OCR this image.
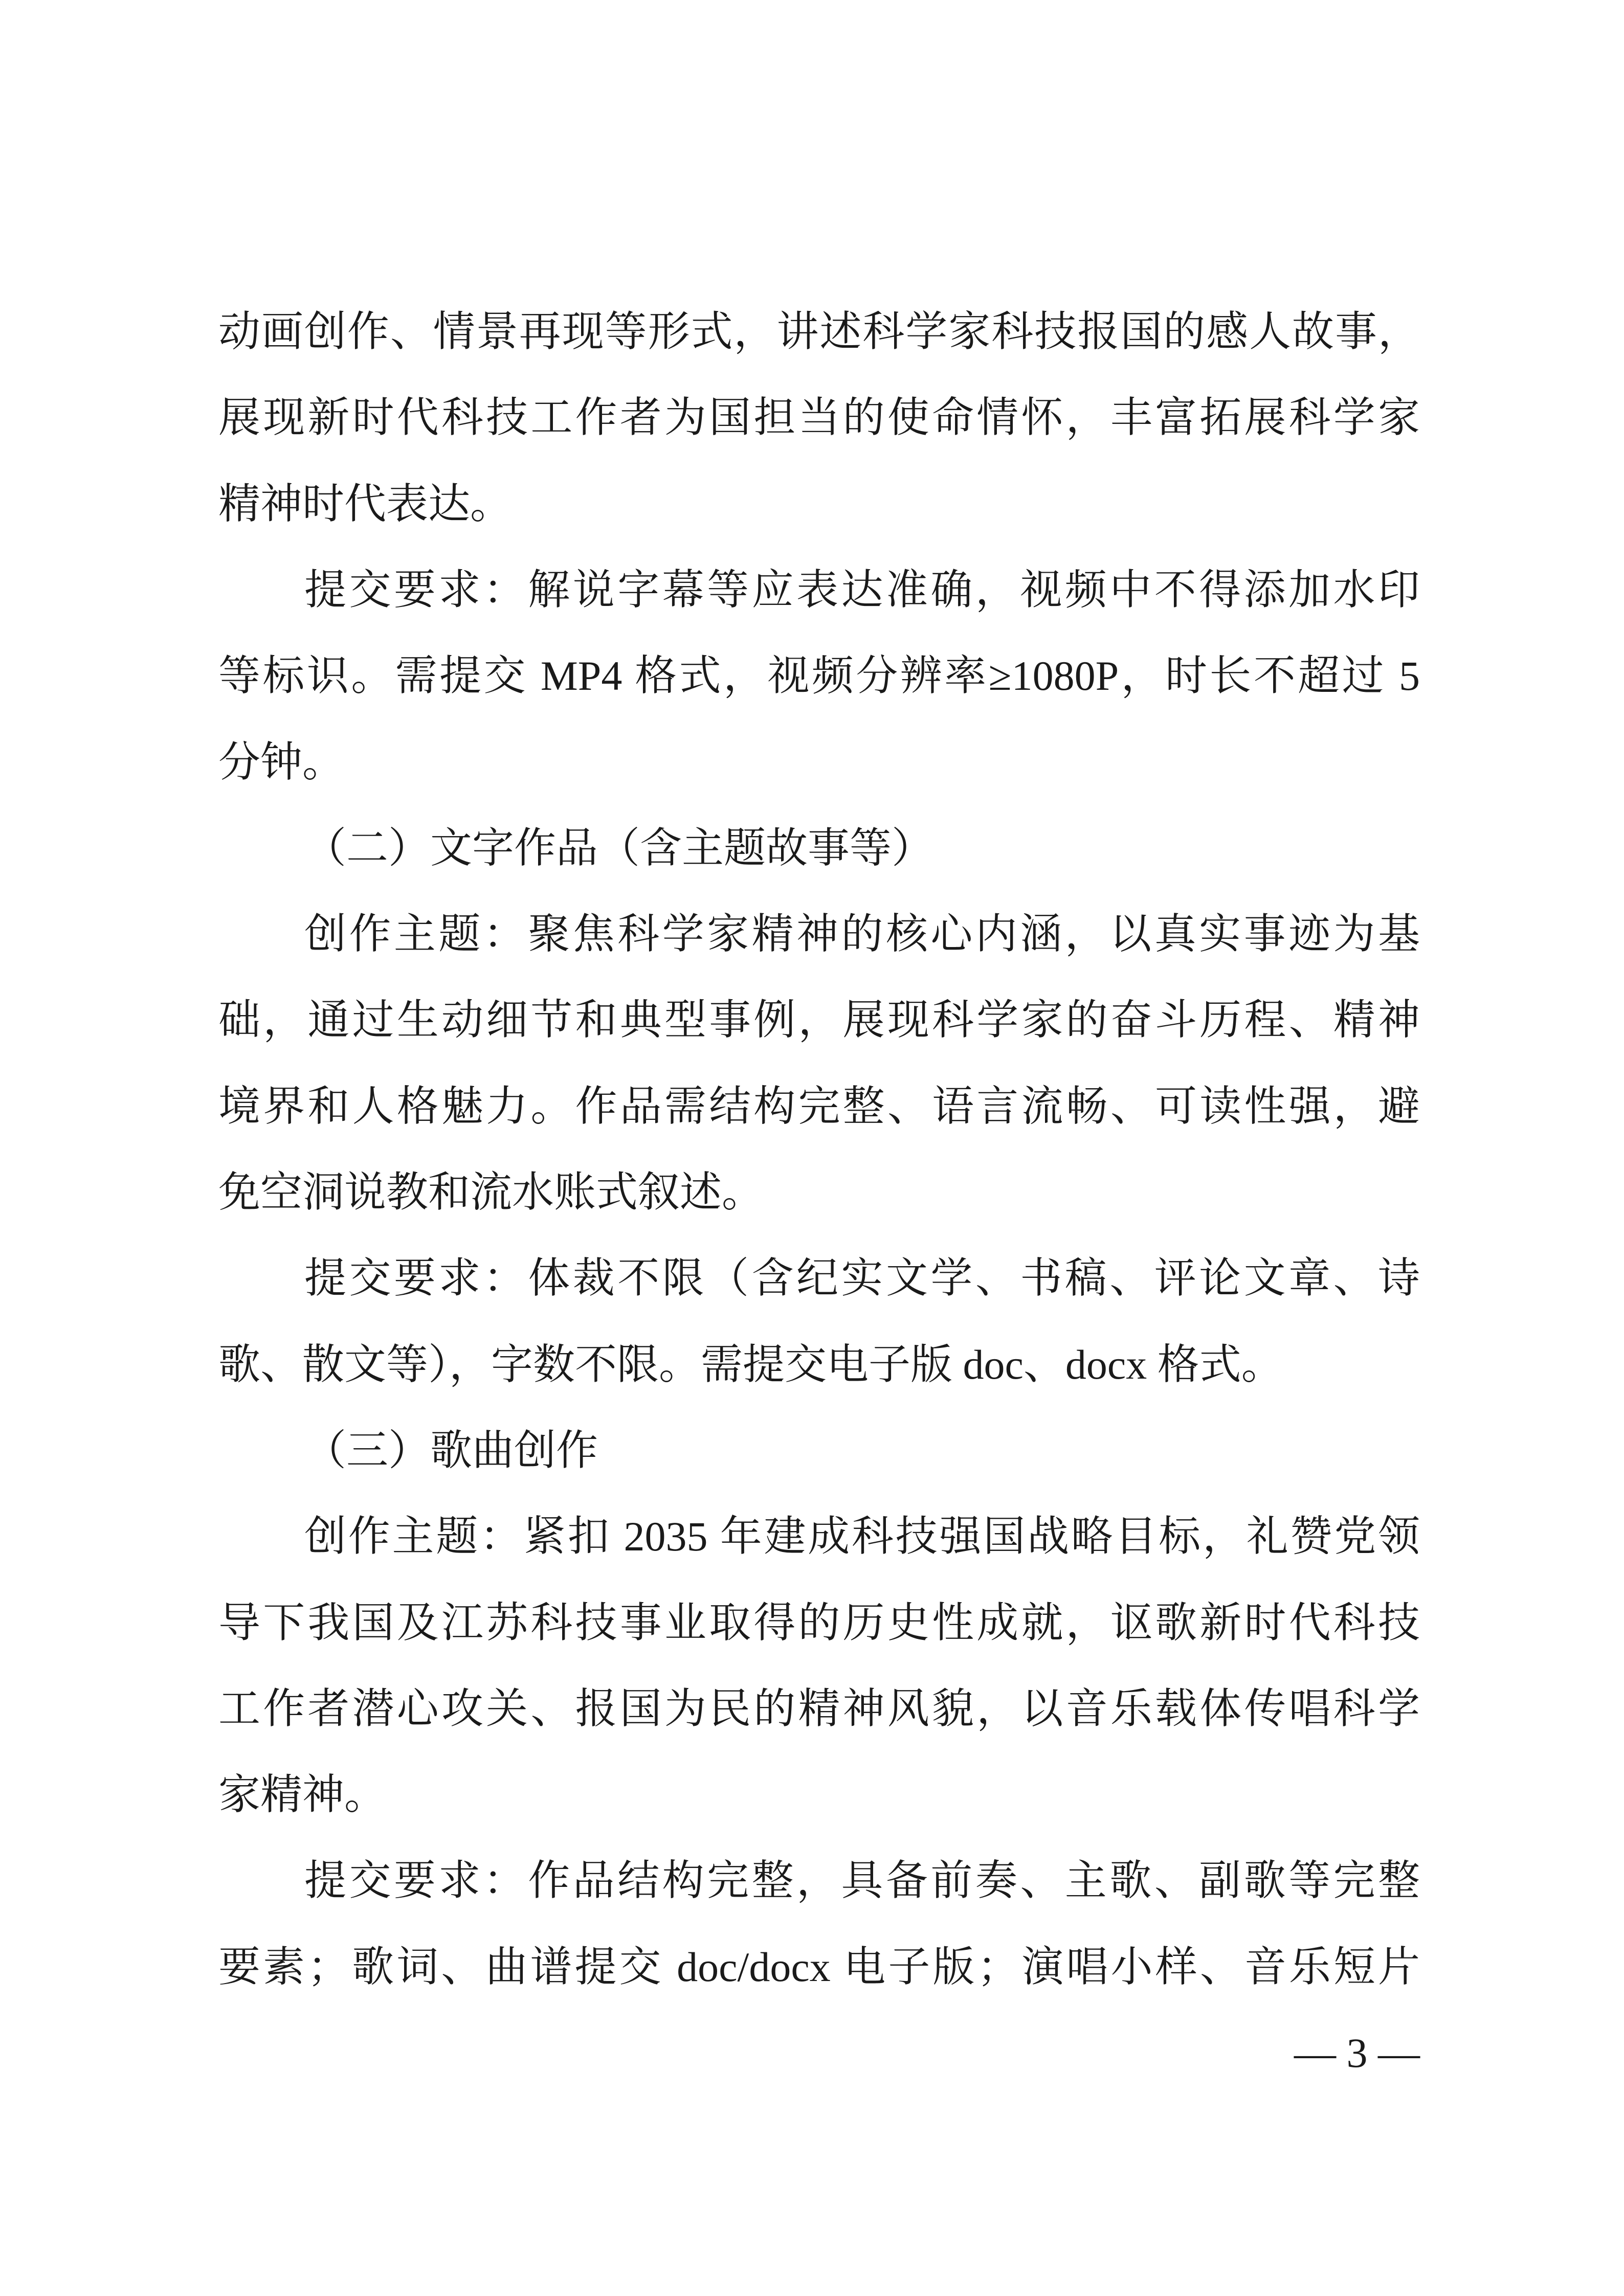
动画创作、情景再现等形式，讲述科学家科技报国的感人故事，
展现新时代科技工作者为国担当的使命情怀，丰富拓展科学家
精神时代表达。
提交要求：解说字幕等应表达准确，视频中不得添加水印
等标识。需提交 MP4 格式，视频分辨率≥1080P，时长不超过 5
分钟。
（二）文字作品（含主题故事等）
创作主题：聚焦科学家精神的核心内涵，以真实事迹为基
础，通过生动细节和典型事例，展现科学家的奋斗历程、精神
境界和人格魅力。作品需结构完整、语言流畅、可读性强，避
免空洞说教和流水账式叙述。
提交要求：体裁不限（含纪实文学、书稿、评论文章、诗
歌、散文等），字数不限。需提交电子版 doc、docx 格式。
（三）歌曲创作
创作主题：紧扣 2035 年建成科技强国战略目标，礼赞党领
导下我国及江苏科技事业取得的历史性成就，讴歌新时代科技
工作者潜心攻关、报国为民的精神风貌，以音乐载体传唱科学
家精神。
提交要求：作品结构完整，具备前奏、主歌、副歌等完整
要素；歌词、曲谱提交 doc/docx 电子版；演唱小样、音乐短片
— 3 —
